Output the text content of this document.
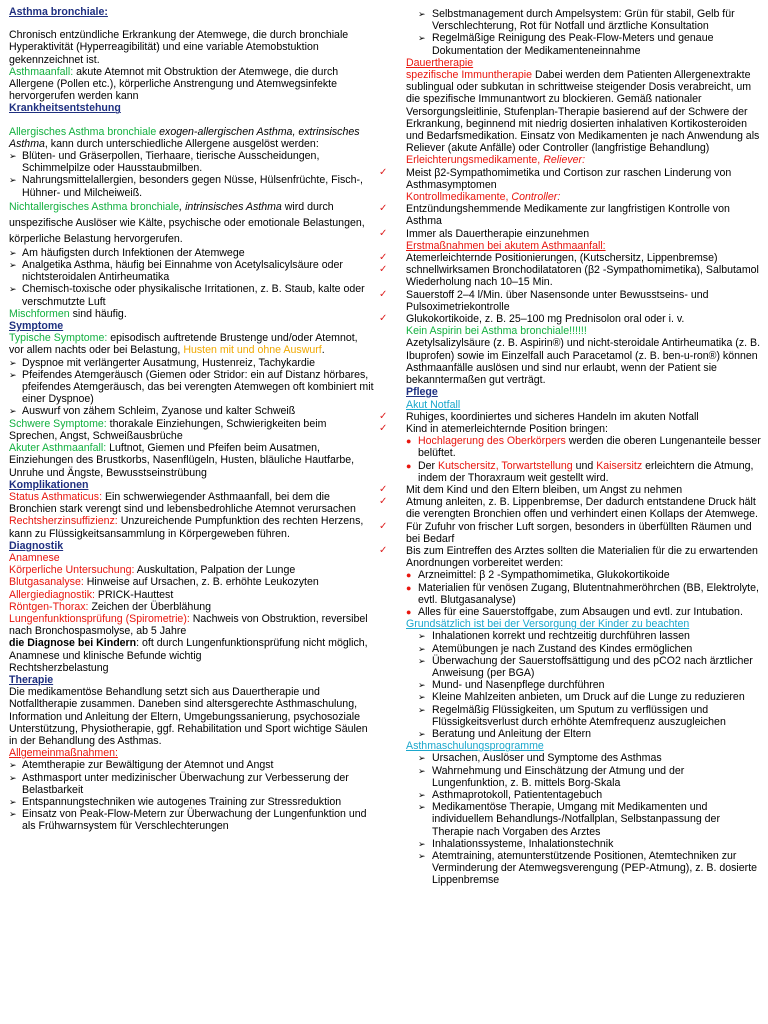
Asthma bronchiale:

Chronisch entzündliche Erkrankung der Atemwege, die durch bronchiale Hyperaktivität (Hyperreagibilität) und eine variable Atemobstuktion gekennzeichnet ist.

Asthmaanfall: akute Atemnot mit Obstruktion der Atemwege, die durch Allergene (Pollen etc.), körperliche Anstrengung und Atemwegsinfekte hervorgerufen werden kann

Krankheitsentstehung

Allergisches Asthma bronchiale exogen-allergischen Asthma, extrinsisches Asthma, kann durch unterschiedliche Allergene ausgelöst werden:

➢
Blüten- und Gräserpollen, Tierhaare, tierische Ausscheidungen, Schimmelpilze oder Hausstaubmilben.
➢
Nahrungsmittelallergien, besonders gegen Nüsse, Hülsenfrüchte, Fisch-, Hühner- und Milcheiweiß.

Nichtallergisches Asthma bronchiale, intrinsisches Asthma wird durch unspezifische Auslöser wie Kälte, psychische oder emotionale Belastungen, körperliche Belastung hervorgerufen.

➢
Am häufigsten durch Infektionen der Atemwege
➢
Analgetika Asthma, häufig bei Einnahme von Acetylsalicylsäure oder nichtsteroidalen Antirheumatika
➢
Chemisch-toxische oder physikalische Irritationen, z. B. Staub, kalte oder verschmutzte Luft

Mischformen sind häufig.

Symptome

Typische Symptome: episodisch auftretende Brustenge und/oder Atemnot, vor allem nachts oder bei Belastung, Husten mit und ohne Auswurf.

➢
Dyspnoe mit verlängerter Ausatmung, Hustenreiz, Tachykardie
➢
Pfeifendes Atemgeräusch (Giemen oder Stridor: ein auf Distanz hörbares, pfeifendes Atemgeräusch, das bei verengten Atemwegen oft kombiniert mit einer Dyspnoe)
➢
Auswurf von zähem Schleim, Zyanose und kalter Schweiß

Schwere Symptome: thorakale Einziehungen, Schwierigkeiten beim Sprechen, Angst, Schweißausbrüche

Akuter Asthmaanfall: Luftnot, Giemen und Pfeifen beim Ausatmen, Einziehungen des Brustkorbs, Nasenflügeln, Husten, bläuliche Hautfarbe, Unruhe und Ängste, Bewusstseinstrübung

Komplikationen

Status Asthmaticus: Ein schwerwiegender Asthmaanfall, bei dem die Bronchien stark verengt sind und lebensbedrohliche Atemnot verursachen

Rechtsherzinsuffizienz: Unzureichende Pumpfunktion des rechten Herzens, kann zu Flüssigkeitsansammlung in Körpergeweben führen.

Diagnostik

Anamnese

Körperliche Untersuchung: Auskultation, Palpation der Lunge

Blutgasanalyse: Hinweise auf Ursachen, z. B. erhöhte Leukozyten

Allergiediagnostik: PRICK-Hauttest

Röntgen-Thorax: Zeichen der Überblähung

Lungenfunktionsprüfung (Spirometrie): Nachweis von Obstruktion, reversibel nach Bronchospasmolyse, ab 5 Jahre

die Diagnose bei Kindern: oft durch Lungenfunktionsprüfung nicht möglich, Anamnese und klinische Befunde wichtig

Rechtsherzbelastung

Therapie

Die medikamentöse Behandlung setzt sich aus Dauertherapie und Notfalltherapie zusammen. Daneben sind altersgerechte Asthmaschulung, Information und Anleitung der Eltern, Umgebungssanierung, psychosoziale Unterstützung, Physiotherapie, ggf. Rehabilitation und Sport wichtige Säulen in der Behandlung des Asthmas.

Allgemeinmaßnahmen:

➢
Atemtherapie zur Bewältigung der Atemnot und Angst
➢
Asthmasport unter medizinischer Überwachung zur Verbesserung der Belastbarkeit
➢
Entspannungstechniken wie autogenes Training zur Stressreduktion
➢
Einsatz von Peak-Flow-Metern zur Überwachung der Lungenfunktion und als Frühwarnsystem für Verschlechterungen
➢
Selbstmanagement durch Ampelsystem: Grün für stabil, Gelb für Verschlechterung, Rot für Notfall und ärztliche Konsultation
➢
Regelmäßige Reinigung des Peak-Flow-Meters und genaue Dokumentation der Medikamenteneinnahme

Dauertherapie

spezifische Immuntherapie Dabei werden dem Patienten Allergenextrakte sublingual oder subkutan in schrittweise steigender Dosis verabreicht, um die spezifische Immunantwort zu blockieren. Gemäß nationaler Versorgungsleitlinie, Stufenplan-Therapie basierend auf der Schwere der Erkrankung, beginnend mit niedrig dosierten inhalativen Kortikosteroiden und Bedarfsmedikation. Einsatz von Medikamenten je nach Anwendung als Reliever (akute Anfälle) oder Controller (langfristige Behandlung)

Erleichterungsmedikamente, Reliever:

✓
Meist β2-Sympathomimetika und Cortison zur raschen Linderung von Asthmasymptomen

Kontrollmedikamente, Controller:

✓
Entzündungshemmende Medikamente zur langfristigen Kontrolle von Asthma
✓
Immer als Dauertherapie einzunehmen

Erstmaßnahmen bei akutem Asthmaanfall:

✓
Atemerleichternde Positionierungen, (Kutschersitz, Lippenbremse)
✓
schnellwirksamen Bronchodilatatoren (β2 -Sympathomimetika), Salbutamol Wiederholung nach 10–15 Min.
✓
Sauerstoff 2–4 l/Min. über Nasensonde unter Bewusstseins- und Pulsoximetriekontrolle
✓
Glukokortikoide, z. B. 25–100 mg Prednisolon oral oder i. v.

Kein Aspirin bei Asthma bronchiale!!!!!!

Azetylsalizylsäure (z. B. Aspirin®) und nicht-steroidale Antirheumatika (z. B. Ibuprofen) sowie im Einzelfall auch Paracetamol (z. B. ben-u-ron®) können Asthmaanfälle auslösen und sind nur erlaubt, wenn der Patient sie bekanntermaßen gut verträgt.

Pflege

Akut Notfall

✓
Ruhiges, koordiniertes und sicheres Handeln im akuten Notfall
✓
Kind in atemerleichternde Position bringen:
●
Hochlagerung des Oberkörpers werden die oberen Lungenanteile besser belüftet.
●
Der Kutschersitz, Torwartstellung und Kaisersitz erleichtern die Atmung, indem der Thoraxraum weit gestellt wird.
✓
Mit dem Kind und den Eltern bleiben, um Angst zu nehmen
✓
Atmung anleiten, z. B. Lippenbremse, Der dadurch entstandene Druck hält die verengten Bronchien offen und verhindert einen Kollaps der Atemwege.
✓
Für Zufuhr von frischer Luft sorgen, besonders in überfüllten Räumen und bei Bedarf
✓
Bis zum Eintreffen des Arztes sollten die Materialien für die zu erwartenden Anordnungen vorbereitet werden:
●
Arzneimittel: β 2 -Sympathomimetika, Glukokortikoide
●
Materialien für venösen Zugang, Blutentnahmeröhrchen (BB, Elektrolyte, evtl. Blutgasanalyse)
●
Alles für eine Sauerstoffgabe, zum Absaugen und evtl. zur Intubation.

Grundsätzlich ist bei der Versorgung der Kinder zu beachten

➢
Inhalationen korrekt und rechtzeitig durchführen lassen
➢
Atemübungen je nach Zustand des Kindes ermöglichen
➢
Überwachung der Sauerstoffsättigung und des pCO2 nach ärztlicher Anweisung (per BGA)
➢
Mund- und Nasenpflege durchführen
➢
Kleine Mahlzeiten anbieten, um Druck auf die Lunge zu reduzieren
➢
Regelmäßig Flüssigkeiten, um Sputum zu verflüssigen und Flüssigkeitsverlust durch erhöhte Atemfrequenz auszugleichen
➢
Beratung und Anleitung der Eltern

Asthmaschulungsprogramme

➢
Ursachen, Auslöser und Symptome des Asthmas
➢
Wahrnehmung und Einschätzung der Atmung und der Lungenfunktion, z. B. mittels Borg-Skala
➢
Asthmaprotokoll, Patiententagebuch
➢
Medikamentöse Therapie, Umgang mit Medikamenten und individuellem Behandlungs-/Notfallplan, Selbstanpassung der Therapie nach Vorgaben des Arztes
➢
Inhalationssysteme, Inhalationstechnik
➢
Atemtraining, atemunterstützende Positionen, Atemtechniken zur Verminderung der Atemwegsverengung (PEP-Atmung), z. B. dosierte Lippenbremse
